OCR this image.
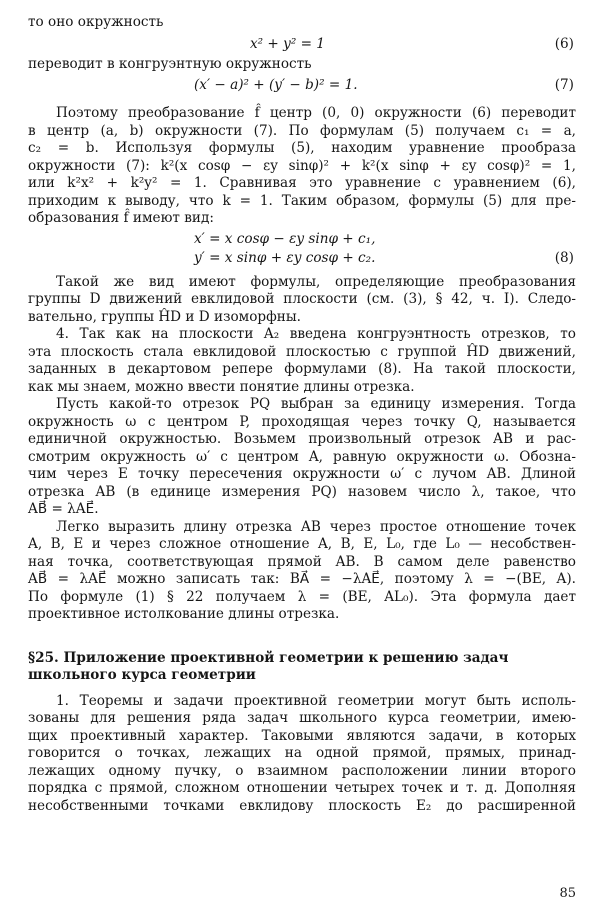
то оно окружность
x² + y² = 1	(6)
переводит в конгруэнтную окружность
(x′ − a)² + (y′ − b)² = 1.	(7)
Поэтому преобразование f̂ центр (0, 0) окружности (6) переводит
в центр (a, b) окружности (7). По формулам (5) получаем c₁ = a,
c₂ = b. Используя формулы (5), находим уравнение прообраза
окружности (7): k²(x cosφ − εy sinφ)² + k²(x sinφ + εy cosφ)² = 1,
или k²x² + k²y² = 1. Сравнивая это уравнение с уравнением (6),
приходим к выводу, что k = 1. Таким образом, формулы (5) для пре-
образования f̂ имеют вид:
x′ = x cosφ − εy sinφ + c₁,
y′ = x sinφ + εy cosφ + c₂.	(8)
Такой же вид имеют формулы, определяющие преобразования
группы D движений евклидовой плоскости (см. (3), § 42, ч. I). Следо-
вательно, группы ĤD и D изоморфны.
4. Так как на плоскости A₂ введена конгруэнтность отрезков, то
эта плоскость стала евклидовой плоскостью с группой ĤD движений,
заданных в декартовом репере формулами (8). На такой плоскости,
как мы знаем, можно ввести понятие длины отрезка.
Пусть какой-то отрезок PQ выбран за единицу измерения. Тогда
окружность ω с центром P, проходящая через точку Q, называется
единичной окружностью. Возьмем произвольный отрезок AB и рас-
смотрим окружность ω′ с центром A, равную окружности ω. Обозна-
чим через E точку пересечения окружности ω′ с лучом AB. Длиной
отрезка AB (в единице измерения PQ) назовем число λ, такое, что
AB⃗ = λAE⃗.
Легко выразить длину отрезка AB через простое отношение точек
A, B, E и через сложное отношение A, B, E, L₀, где L₀ — несобствен-
ная точка, соответствующая прямой AB. В самом деле равенство
AB⃗ = λAE⃗ можно записать так: BA⃗ = −λAE⃗, поэтому λ = −(BE, A).
По формуле (1) § 22 получаем λ = (BE, AL₀). Эта формула дает
проективное истолкование длины отрезка.
§25. Приложение проективной геометрии к решению задач
школьного курса геометрии
1. Теоремы и задачи проективной геометрии могут быть исполь-
зованы для решения ряда задач школьного курса геометрии, имею-
щих проективный характер. Таковыми являются задачи, в которых
говорится о точках, лежащих на одной прямой, прямых, принад-
лежащих одному пучку, о взаимном расположении линии второго
порядка с прямой, сложном отношении четырех точек и т. д. Дополняя
несобственными точками евклидову плоскость E₂ до расширенной
85
